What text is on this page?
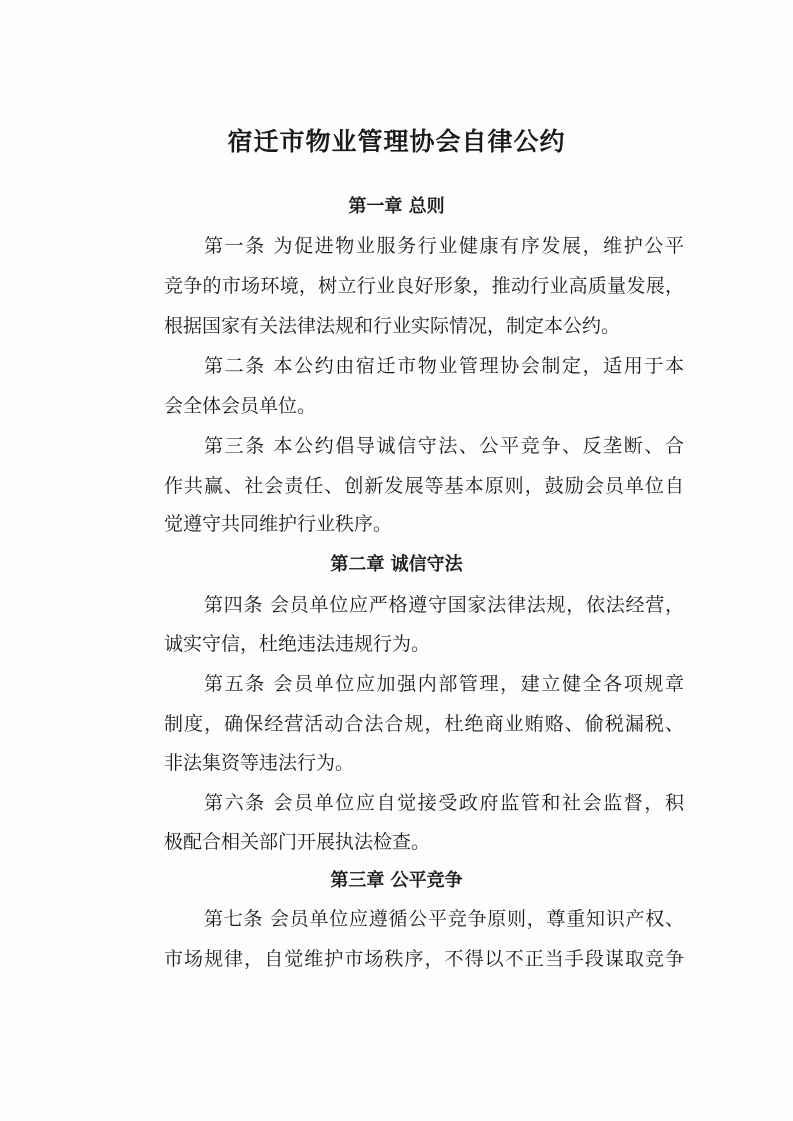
宿迁市物业管理协会自律公约
第一章 总则
第一条 为促进物业服务行业健康有序发展，维护公平
竞争的市场环境，树立行业良好形象，推动行业高质量发展，
根据国家有关法律法规和行业实际情况，制定本公约。
第二条 本公约由宿迁市物业管理协会制定，适用于本
会全体会员单位。
第三条 本公约倡导诚信守法、公平竞争、反垄断、合
作共赢、社会责任、创新发展等基本原则，鼓励会员单位自
觉遵守共同维护行业秩序。
第二章 诚信守法
第四条 会员单位应严格遵守国家法律法规，依法经营，
诚实守信，杜绝违法违规行为。
第五条 会员单位应加强内部管理，建立健全各项规章
制度，确保经营活动合法合规，杜绝商业贿赂、偷税漏税、
非法集资等违法行为。
第六条 会员单位应自觉接受政府监管和社会监督，积
极配合相关部门开展执法检查。
第三章 公平竞争
第七条 会员单位应遵循公平竞争原则，尊重知识产权、
市场规律，自觉维护市场秩序，不得以不正当手段谋取竞争
